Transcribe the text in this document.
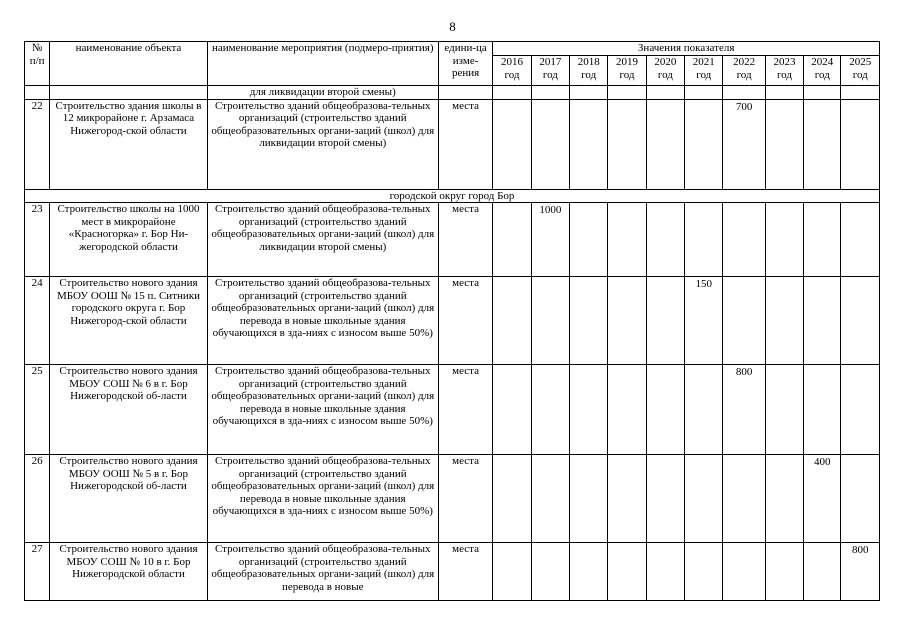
8
№ п/п	наименование объекта	наименование мероприятия (подмеро-приятия)	едини-ца изме-рения	Значения показателя									
				2016 год	2017 год	2018 год	2019 год	2020 год	2021 год	2022 год	2023 год	2024 год	2025 год
		для ликвидации второй смены)											
22	Строительство здания школы в 12 микрорайоне г. Арзамаса Нижегород-ской области	Строительство зданий общеобразова-тельных организаций (строительство зданий общеобразовательных органи-заций (школ) для ликвидации второй смены)	места							700			
городской округ город Бор													
23	Строительство школы на 1000 мест в микрорайоне «Красногорка» г. Бор Ни-жегородской области	Строительство зданий общеобразова-тельных организаций (строительство зданий общеобразовательных органи-заций (школ) для ликвидации второй смены)	места		1000								
24	Строительство нового здания МБОУ ООШ № 15 п. Ситники городского округа г. Бор Нижегород-ской области	Строительство зданий общеобразова-тельных организаций (строительство зданий общеобразовательных органи-заций (школ) для перевода в новые школьные здания обучающихся в зда-ниях с износом выше 50%)	места						150				
25	Строительство нового здания МБОУ СОШ № 6 в г. Бор Нижегородской об-ласти	Строительство зданий общеобразова-тельных организаций (строительство зданий общеобразовательных органи-заций (школ) для перевода в новые школьные здания обучающихся в зда-ниях с износом выше 50%)	места							800			
26	Строительство нового здания МБОУ ООШ № 5 в г. Бор Нижегородской об-ласти	Строительство зданий общеобразова-тельных организаций (строительство зданий общеобразовательных органи-заций (школ) для перевода в новые школьные здания обучающихся в зда-ниях с износом выше 50%)	места									400	
27	Строительство нового здания МБОУ СОШ № 10 в г. Бор Нижегородской области	Строительство зданий общеобразова-тельных организаций (строительство зданий общеобразовательных органи-заций (школ) для перевода в новые	места										800
